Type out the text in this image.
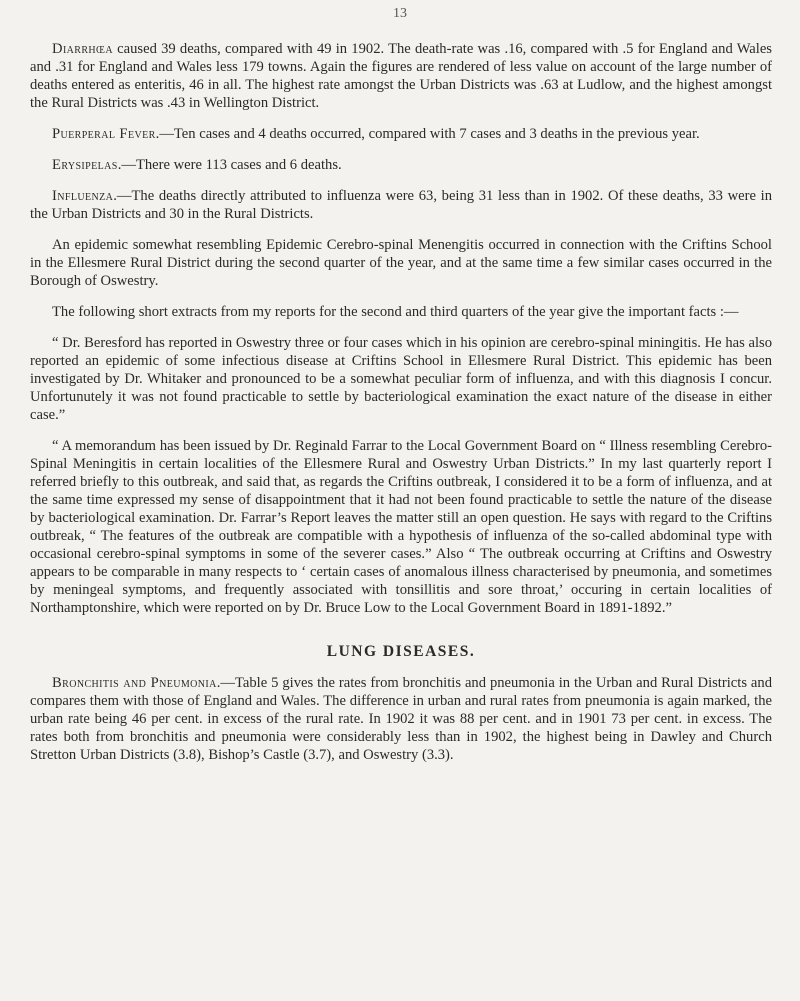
13

Diarrhœa caused 39 deaths, compared with 49 in 1902. The death-rate was .16, compared with .5 for England and Wales and .31 for England and Wales less 179 towns. Again the figures are rendered of less value on account of the large number of deaths entered as enteritis, 46 in all. The highest rate amongst the Urban Districts was .63 at Ludlow, and the highest amongst the Rural Districts was .43 in Wellington District.

Puerperal Fever.—Ten cases and 4 deaths occurred, compared with 7 cases and 3 deaths in the previous year.

Erysipelas.—There were 113 cases and 6 deaths.

Influenza.—The deaths directly attributed to influenza were 63, being 31 less than in 1902. Of these deaths, 33 were in the Urban Districts and 30 in the Rural Districts.

An epidemic somewhat resembling Epidemic Cerebro-spinal Menengitis occurred in connection with the Criftins School in the Ellesmere Rural District during the second quarter of the year, and at the same time a few similar cases occurred in the Borough of Oswestry.

The following short extracts from my reports for the second and third quarters of the year give the important facts :—

“ Dr. Beresford has reported in Oswestry three or four cases which in his opinion are cerebro-spinal miningitis. He has also reported an epidemic of some infectious disease at Criftins School in Ellesmere Rural District. This epidemic has been investigated by Dr. Whitaker and pronounced to be a somewhat peculiar form of influenza, and with this diagnosis I concur. Unfortunutely it was not found practicable to settle by bacteriological examination the exact nature of the disease in either case.”

“ A memorandum has been issued by Dr. Reginald Farrar to the Local Government Board on “ Illness resembling Cerebro-Spinal Meningitis in certain localities of the Ellesmere Rural and Oswestry Urban Districts.” In my last quarterly report I referred briefly to this outbreak, and said that, as regards the Criftins outbreak, I considered it to be a form of influenza, and at the same time expressed my sense of disappointment that it had not been found practicable to settle the nature of the disease by bacteriological examination. Dr. Farrar’s Report leaves the matter still an open question. He says with regard to the Criftins outbreak, “ The features of the outbreak are compatible with a hypothesis of influenza of the so-called abdominal type with occasional cerebro-spinal symptoms in some of the severer cases.” Also “ The outbreak occurring at Criftins and Oswestry appears to be comparable in many respects to ‘ certain cases of anomalous illness characterised by pneumonia, and sometimes by meningeal symptoms, and frequently associated with tonsillitis and sore throat,’ occuring in certain localities of Northamptonshire, which were reported on by Dr. Bruce Low to the Local Government Board in 1891-1892.”

LUNG DISEASES.

Bronchitis and Pneumonia.—Table 5 gives the rates from bronchitis and pneumonia in the Urban and Rural Districts and compares them with those of England and Wales. The difference in urban and rural rates from pneumonia is again marked, the urban rate being 46 per cent. in excess of the rural rate. In 1902 it was 88 per cent. and in 1901 73 per cent. in excess. The rates both from bronchitis and pneumonia were considerably less than in 1902, the highest being in Dawley and Church Stretton Urban Districts (3.8), Bishop’s Castle (3.7), and Oswestry (3.3).
